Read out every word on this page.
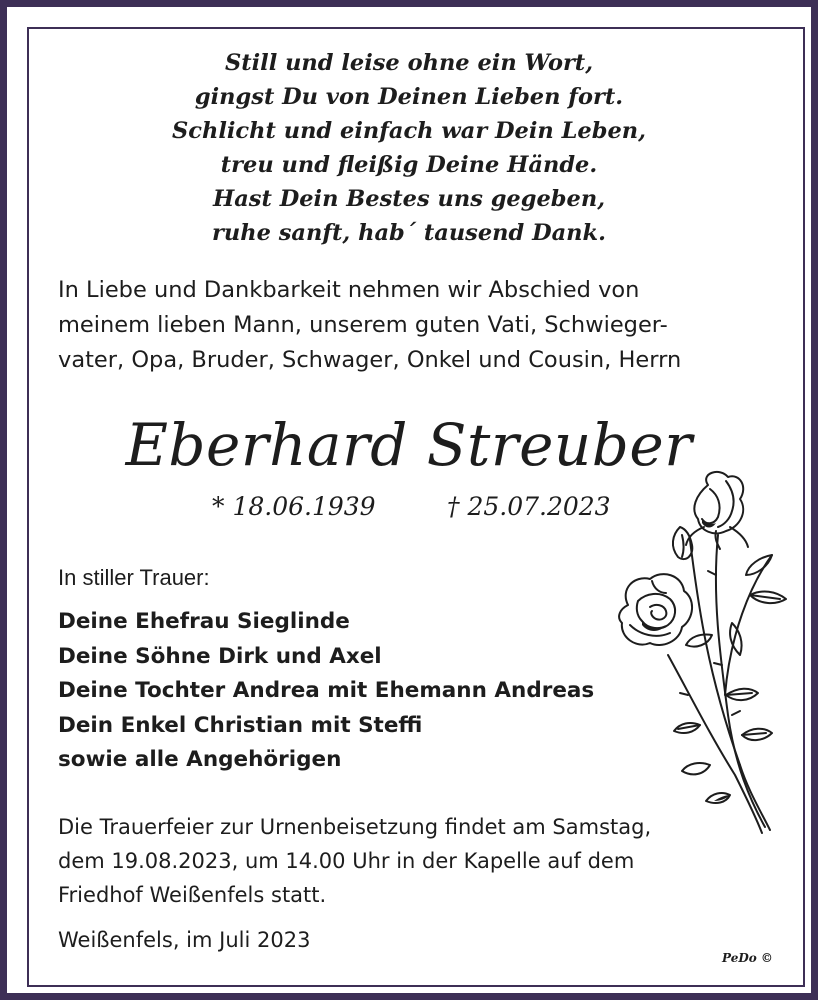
Still und leise ohne ein Wort,
gingst Du von Deinen Lieben fort.
Schlicht und einfach war Dein Leben,
treu und fleißig Deine Hände.
Hast Dein Bestes uns gegeben,
ruhe sanft, hab´ tausend Dank.
In Liebe und Dankbarkeit nehmen wir Abschied von
meinem lieben Mann, unserem guten Vati, Schwieger-
vater, Opa, Bruder, Schwager, Onkel und Cousin, Herrn
Eberhard Streuber
* 18.06.1939	† 25.07.2023
In stiller Trauer:
Deine Ehefrau Sieglinde
Deine Söhne Dirk und Axel
Deine Tochter Andrea mit Ehemann Andreas
Dein Enkel Christian mit Steffi
sowie alle Angehörigen
Die Trauerfeier zur Urnenbeisetzung findet am Samstag,
dem 19.08.2023, um 14.00 Uhr in der Kapelle auf dem
Friedhof Weißenfels statt.
Weißenfels, im Juli 2023
PeDo ©
